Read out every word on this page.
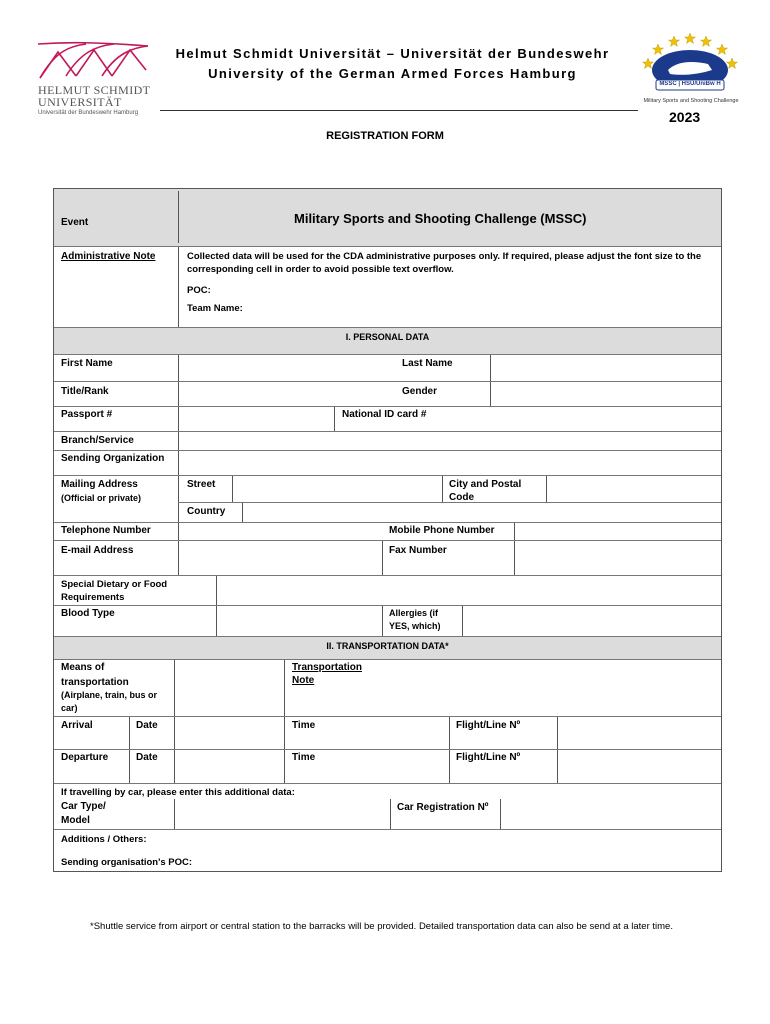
HELMUT SCHMIDT
UNIVERSITÄT
Universität der Bundeswehr Hamburg
Helmut Schmidt Universität – Universität der Bundeswehr
University of the German Armed Forces Hamburg
MSSC | HSU/UniBw H
Military Sports and Shooting Challenge
2023
REGISTRATION FORM
Event	Military Sports and Shooting Challenge (MSSC)
Administrative Note	Collected data will be used for the CDA administrative purposes only. If required, please adjust the font size to the corresponding cell in order to avoid possible text overflow.
POC:
Team Name:
I. PERSONAL DATA
First Name	Last Name
Title/Rank	Gender
Passport #	National ID card #
Branch/Service
Sending Organization
Mailing Address
(Official or private)
Street	City and Postal Code
Country
Telephone Number	Mobile Phone Number
E-mail Address	Fax Number
Special Dietary or Food Requirements
Blood Type	Allergies (if YES, which)
II. TRANSPORTATION DATA*
Means of transportation
(Airplane, train, bus or car)
Transportation Note
Arrival	Date	Time	Flight/Line Nº
Departure	Date	Time	Flight/Line Nº
If travelling by car, please enter this additional data:
Car Type/ Model
Car Registration Nº
Additions / Others:
Sending organisation's POC:
*Shuttle service from airport or central station to the barracks will be provided. Detailed transportation data can also be send at a later time.
